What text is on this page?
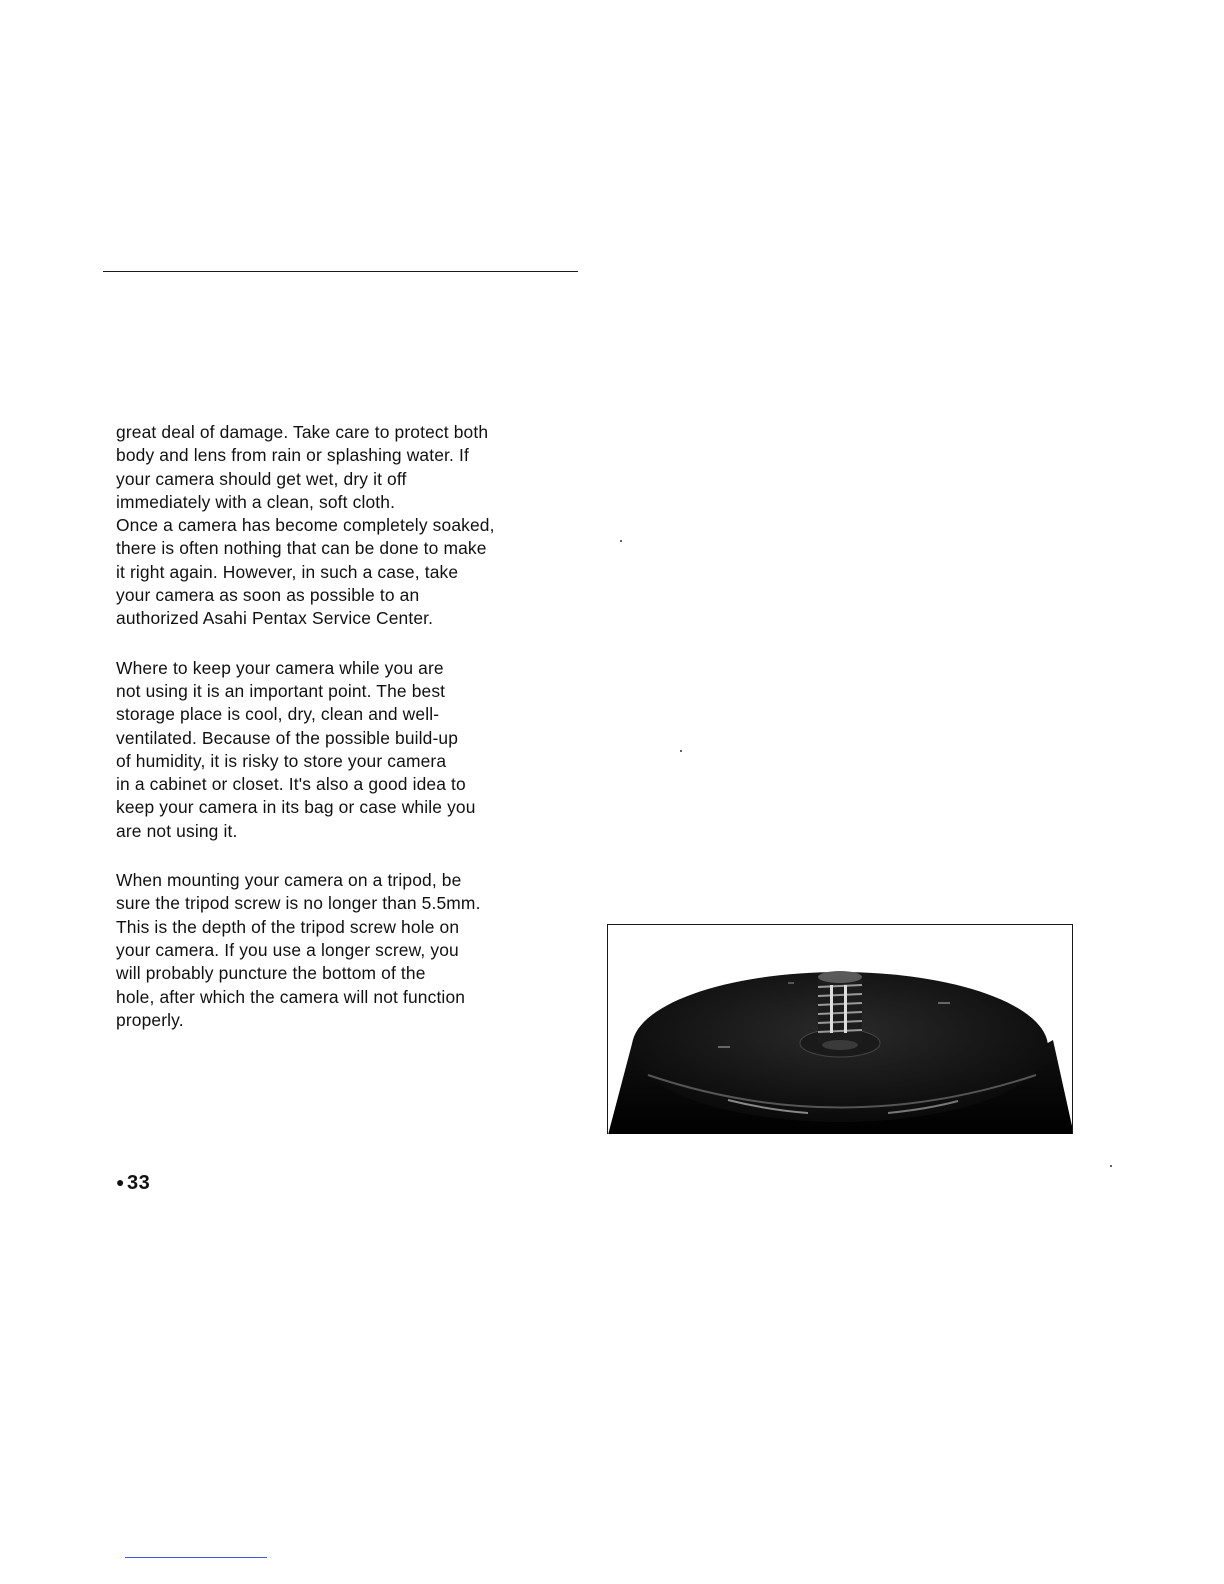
great deal of damage. Take care to protect both
body and lens from rain or splashing water. If
your camera should get wet, dry it off
immediately with a clean, soft cloth.
Once a camera has become completely soaked,
there is often nothing that can be done to make
it right again. However, in such a case, take
your camera as soon as possible to an
authorized Asahi Pentax Service Center.
Where to keep your camera while you are
not using it is an important point. The best
storage place is cool, dry, clean and well-
ventilated. Because of the possible build-up
of humidity, it is risky to store your camera
in a cabinet or closet. It's also a good idea to
keep your camera in its bag or case while you
are not using it.
When mounting your camera on a tripod, be
sure the tripod screw is no longer than 5.5mm.
This is the depth of the tripod screw hole on
your camera. If you use a longer screw, you
will probably puncture the bottom of the
hole, after which the camera will not function
properly.
● 33
